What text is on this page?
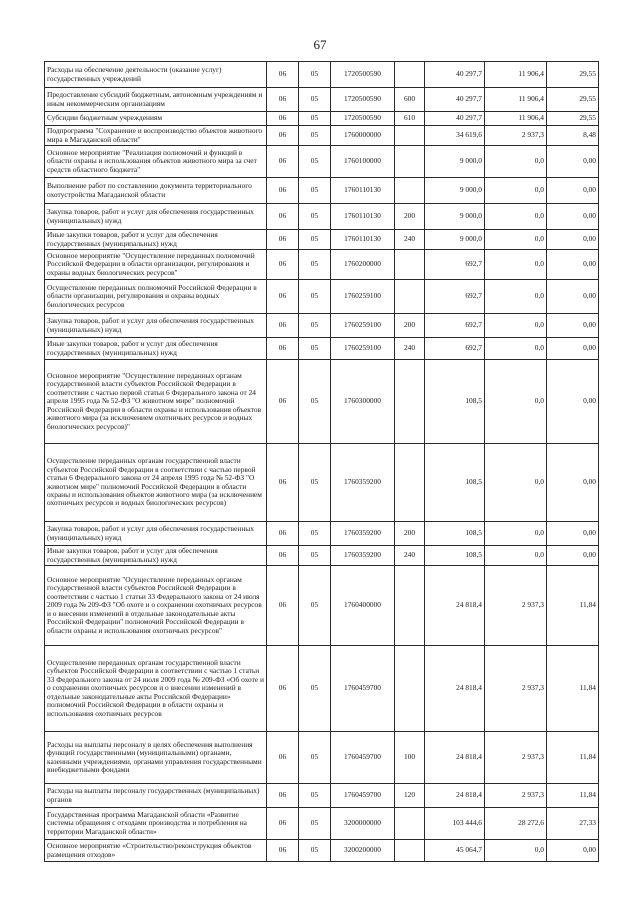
67
Расходы на обеспечение деятельности (оказание услуг) государственных учреждений	06	05	1720500590		40 297,7	11 906,4	29,55
Предоставление субсидий бюджетным, автономным учреждениям и иным некоммерческим организациям	06	05	1720500590	600	40 297,7	11 906,4	29,55
Субсидии бюджетным учреждениям	06	05	1720500590	610	40 297,7	11 906,4	29,55
Подпрограмма "Сохранение и воспроизводство объектов животного мира в Магаданской области"	06	05	1760000000		34 619,6	2 937,3	8,48
Основное мероприятие "Реализация полномочий и функций в области охраны и использования объектов животного мира за счет средств областного бюджета"	06	05	1760100000		9 000,0	0,0	0,00
Выполнение работ по составлению документа территориального охотустройства Магаданской области	06	05	1760110130		9 000,0	0,0	0,00
Закупка товаров, работ и услуг для обеспечения государственных (муниципальных) нужд	06	05	1760110130	200	9 000,0	0,0	0,00
Иные закупки товаров, работ и услуг для обеспечения государственных (муниципальных) нужд	06	05	1760110130	240	9 000,0	0,0	0,00
Основное мероприятие "Осуществление переданных полномочий Российской Федерации в области организации, регулирования и охраны водных биологических ресурсов"	06	05	1760200000		692,7	0,0	0,00
Осуществление переданных полномочий Российской Федерации в области организации, регулирования и охраны водных биологических ресурсов	06	05	1760259100		692,7	0,0	0,00
Закупка товаров, работ и услуг для обеспечения государственных (муниципальных) нужд	06	05	1760259100	200	692,7	0,0	0,00
Иные закупки товаров, работ и услуг для обеспечения государственных (муниципальных) нужд	06	05	1760259100	240	692,7	0,0	0,00
Основное мероприятие "Осуществление переданных органам государственной власти субъектов Российской Федерации в соответствии с частью первой статьи 6 Федерального закона от 24 апреля 1995 года № 52-ФЗ "О животном мире" полномочий Российской Федерации в области охраны и использования объектов животного мира (за исключением охотничьих ресурсов и водных биологических ресурсов)"	06	05	1760300000		108,5	0,0	0,00
Осуществление переданных органам государственной власти субъектов Российской Федерации в соответствии с частью первой статьи 6 Федерального закона от 24 апреля 1995 года № 52-ФЗ "О животном мире" полномочий Российской Федерации в области охраны и использования объектов животного мира (за исключением охотничьих ресурсов и водных биологических ресурсов)	06	05	1760359200		108,5	0,0	0,00
Закупка товаров, работ и услуг для обеспечения государственных (муниципальных) нужд	06	05	1760359200	200	108,5	0,0	0,00
Иные закупки товаров, работ и услуг для обеспечения государственных (муниципальных) нужд	06	05	1760359200	240	108,5	0,0	0,00
Основное мероприятие "Осуществление переданных органам государственной власти субъектов Российской Федерации в соответствии с частью 1 статьи 33 Федерального закона от 24 июля 2009 года № 209-ФЗ "Об охоте и о сохранении охотничьих ресурсов и о внесении изменений в отдельные законодательные акты Российской Федерации" полномочий Российской Федерации в области охраны и использования охотничьих ресурсов"	06	05	1760400000		24 818,4	2 937,3	11,84
Осуществление переданных органам государственной власти субъектов Российской Федерации в соответствии с частью 1 статьи 33 Федерального закона от 24 июля 2009 года № 209-ФЗ «Об охоте и о сохранении охотничьих ресурсов и о внесении изменений в отдельные законодательные акты Российской Федерации» полномочий Российской Федерации в области охраны и использования охотничьих ресурсов	06	05	1760459700		24 818,4	2 937,3	11,84
Расходы на выплаты персоналу в целях обеспечения выполнения функций государственными (муниципальными) органами, казенными учреждениями, органами управления государственными внебюджетными фондами	06	05	1760459700	100	24 818,4	2 937,3	11,84
Расходы на выплаты персоналу государственных (муниципальных) органов	06	05	1760459700	120	24 818,4	2 937,3	11,84
Государственная программа Магаданской области «Развитие системы обращения с отходами производства и потребления на территории Магаданской области»	06	05	3200000000		103 444,6	28 272,6	27,33
Основное мероприятие «Строительство/реконструкция объектов размещения отходов»	06	05	3200200000		45 064,7	0,0	0,00
